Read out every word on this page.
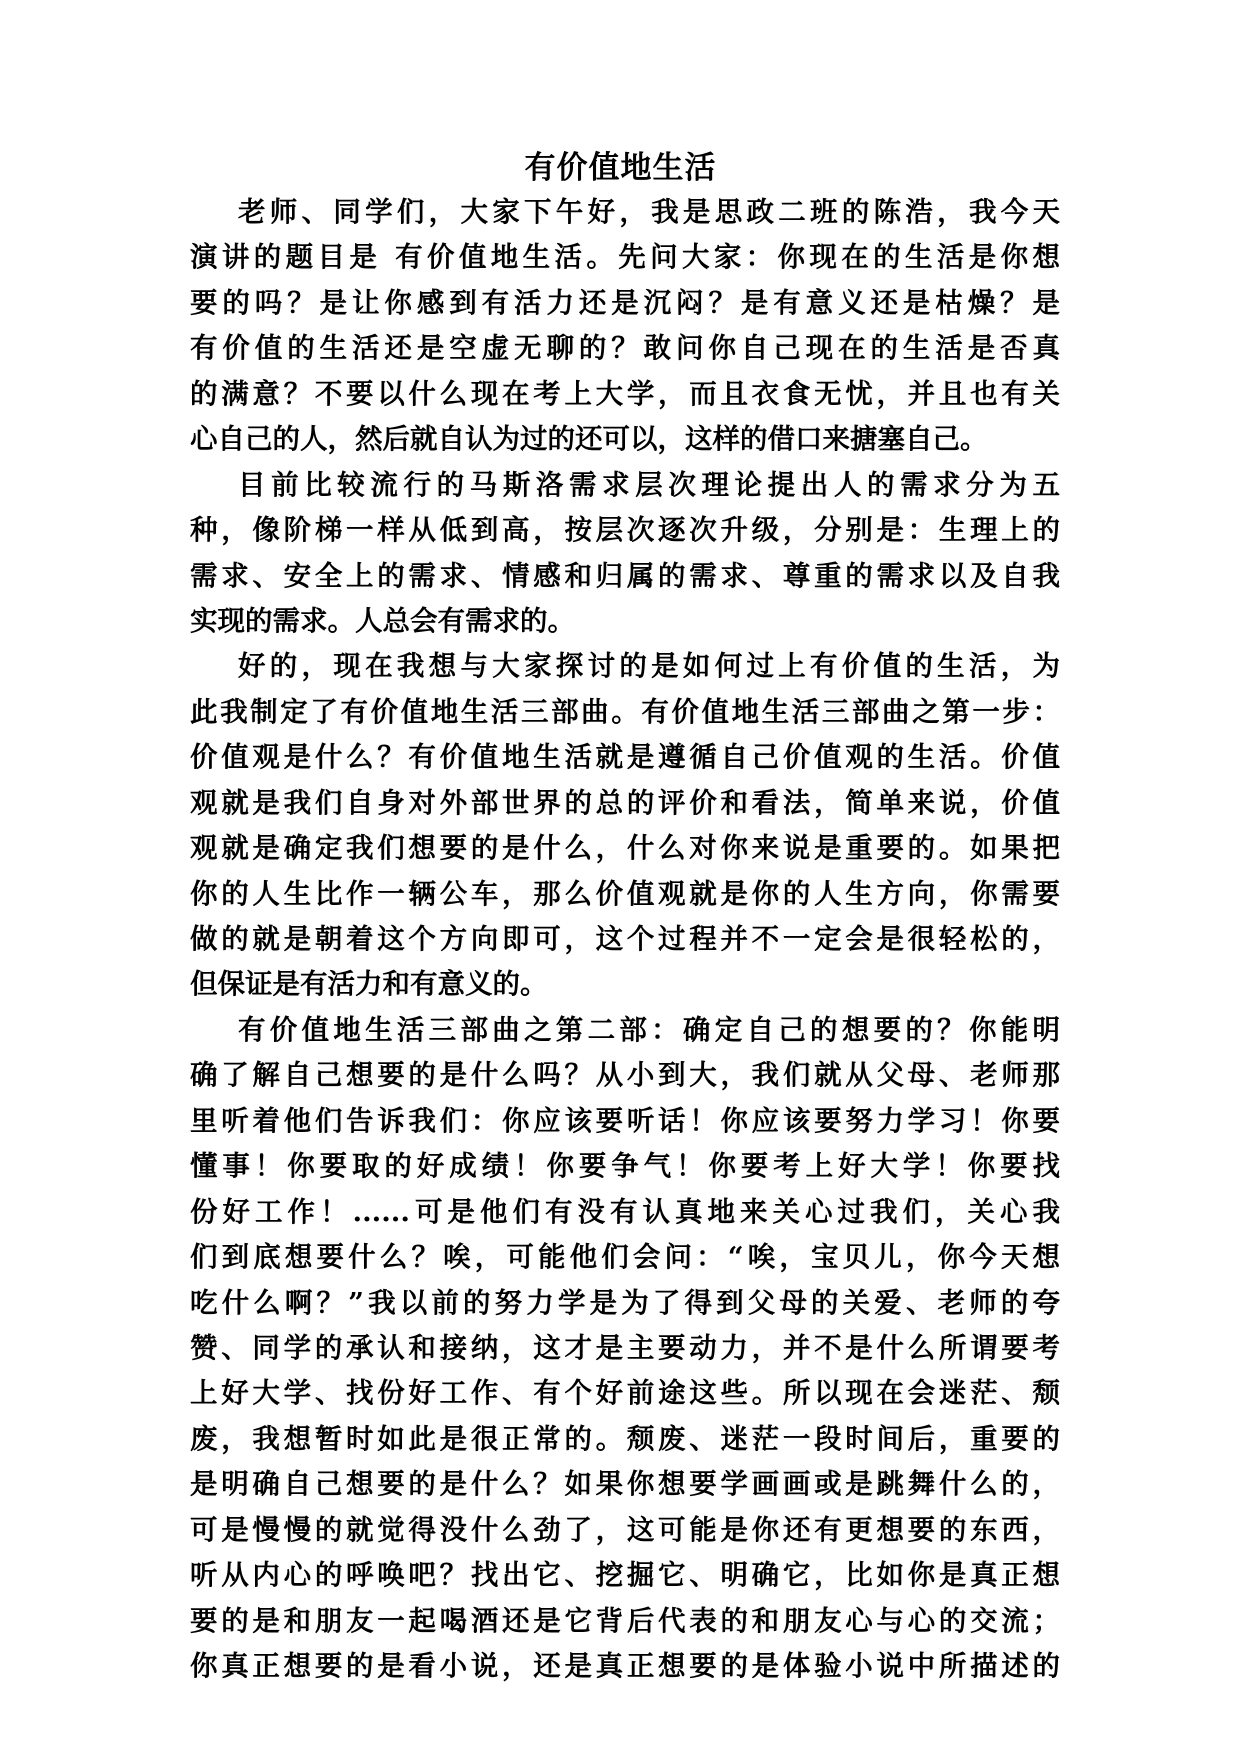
有价值地生活
老师、同学们，大家下午好，我是思政二班的陈浩，我今天
演讲的题目是 有价值地生活。先问大家：你现在的生活是你想
要的吗？是让你感到有活力还是沉闷？是有意义还是枯燥？是
有价值的生活还是空虚无聊的？敢问你自己现在的生活是否真
的满意？不要以什么现在考上大学，而且衣食无忧，并且也有关
心自己的人，然后就自认为过的还可以，这样的借口来搪塞自己。
目前比较流行的马斯洛需求层次理论提出人的需求分为五
种，像阶梯一样从低到高，按层次逐次升级，分别是：生理上的
需求、安全上的需求、情感和归属的需求、尊重的需求以及自我
实现的需求。人总会有需求的。
好的，现在我想与大家探讨的是如何过上有价值的生活，为
此我制定了有价值地生活三部曲。有价值地生活三部曲之第一步：
价值观是什么？有价值地生活就是遵循自己价值观的生活。价值
观就是我们自身对外部世界的总的评价和看法，简单来说，价值
观就是确定我们想要的是什么，什么对你来说是重要的。如果把
你的人生比作一辆公车，那么价值观就是你的人生方向，你需要
做的就是朝着这个方向即可，这个过程并不一定会是很轻松的，
但保证是有活力和有意义的。
有价值地生活三部曲之第二部：确定自己的想要的？你能明
确了解自己想要的是什么吗？从小到大，我们就从父母、老师那
里听着他们告诉我们：你应该要听话！你应该要努力学习！你要
懂事！你要取的好成绩！你要争气！你要考上好大学！你要找
份好工作！......可是他们有没有认真地来关心过我们，关心我
们到底想要什么？唉，可能他们会问：“唉，宝贝儿，你今天想
吃什么啊？”我以前的努力学是为了得到父母的关爱、老师的夸
赞、同学的承认和接纳，这才是主要动力，并不是什么所谓要考
上好大学、找份好工作、有个好前途这些。所以现在会迷茫、颓
废，我想暂时如此是很正常的。颓废、迷茫一段时间后，重要的
是明确自己想要的是什么？如果你想要学画画或是跳舞什么的，
可是慢慢的就觉得没什么劲了，这可能是你还有更想要的东西，
听从内心的呼唤吧？找出它、挖掘它、明确它，比如你是真正想
要的是和朋友一起喝酒还是它背后代表的和朋友心与心的交流；
你真正想要的是看小说，还是真正想要的是体验小说中所描述的
